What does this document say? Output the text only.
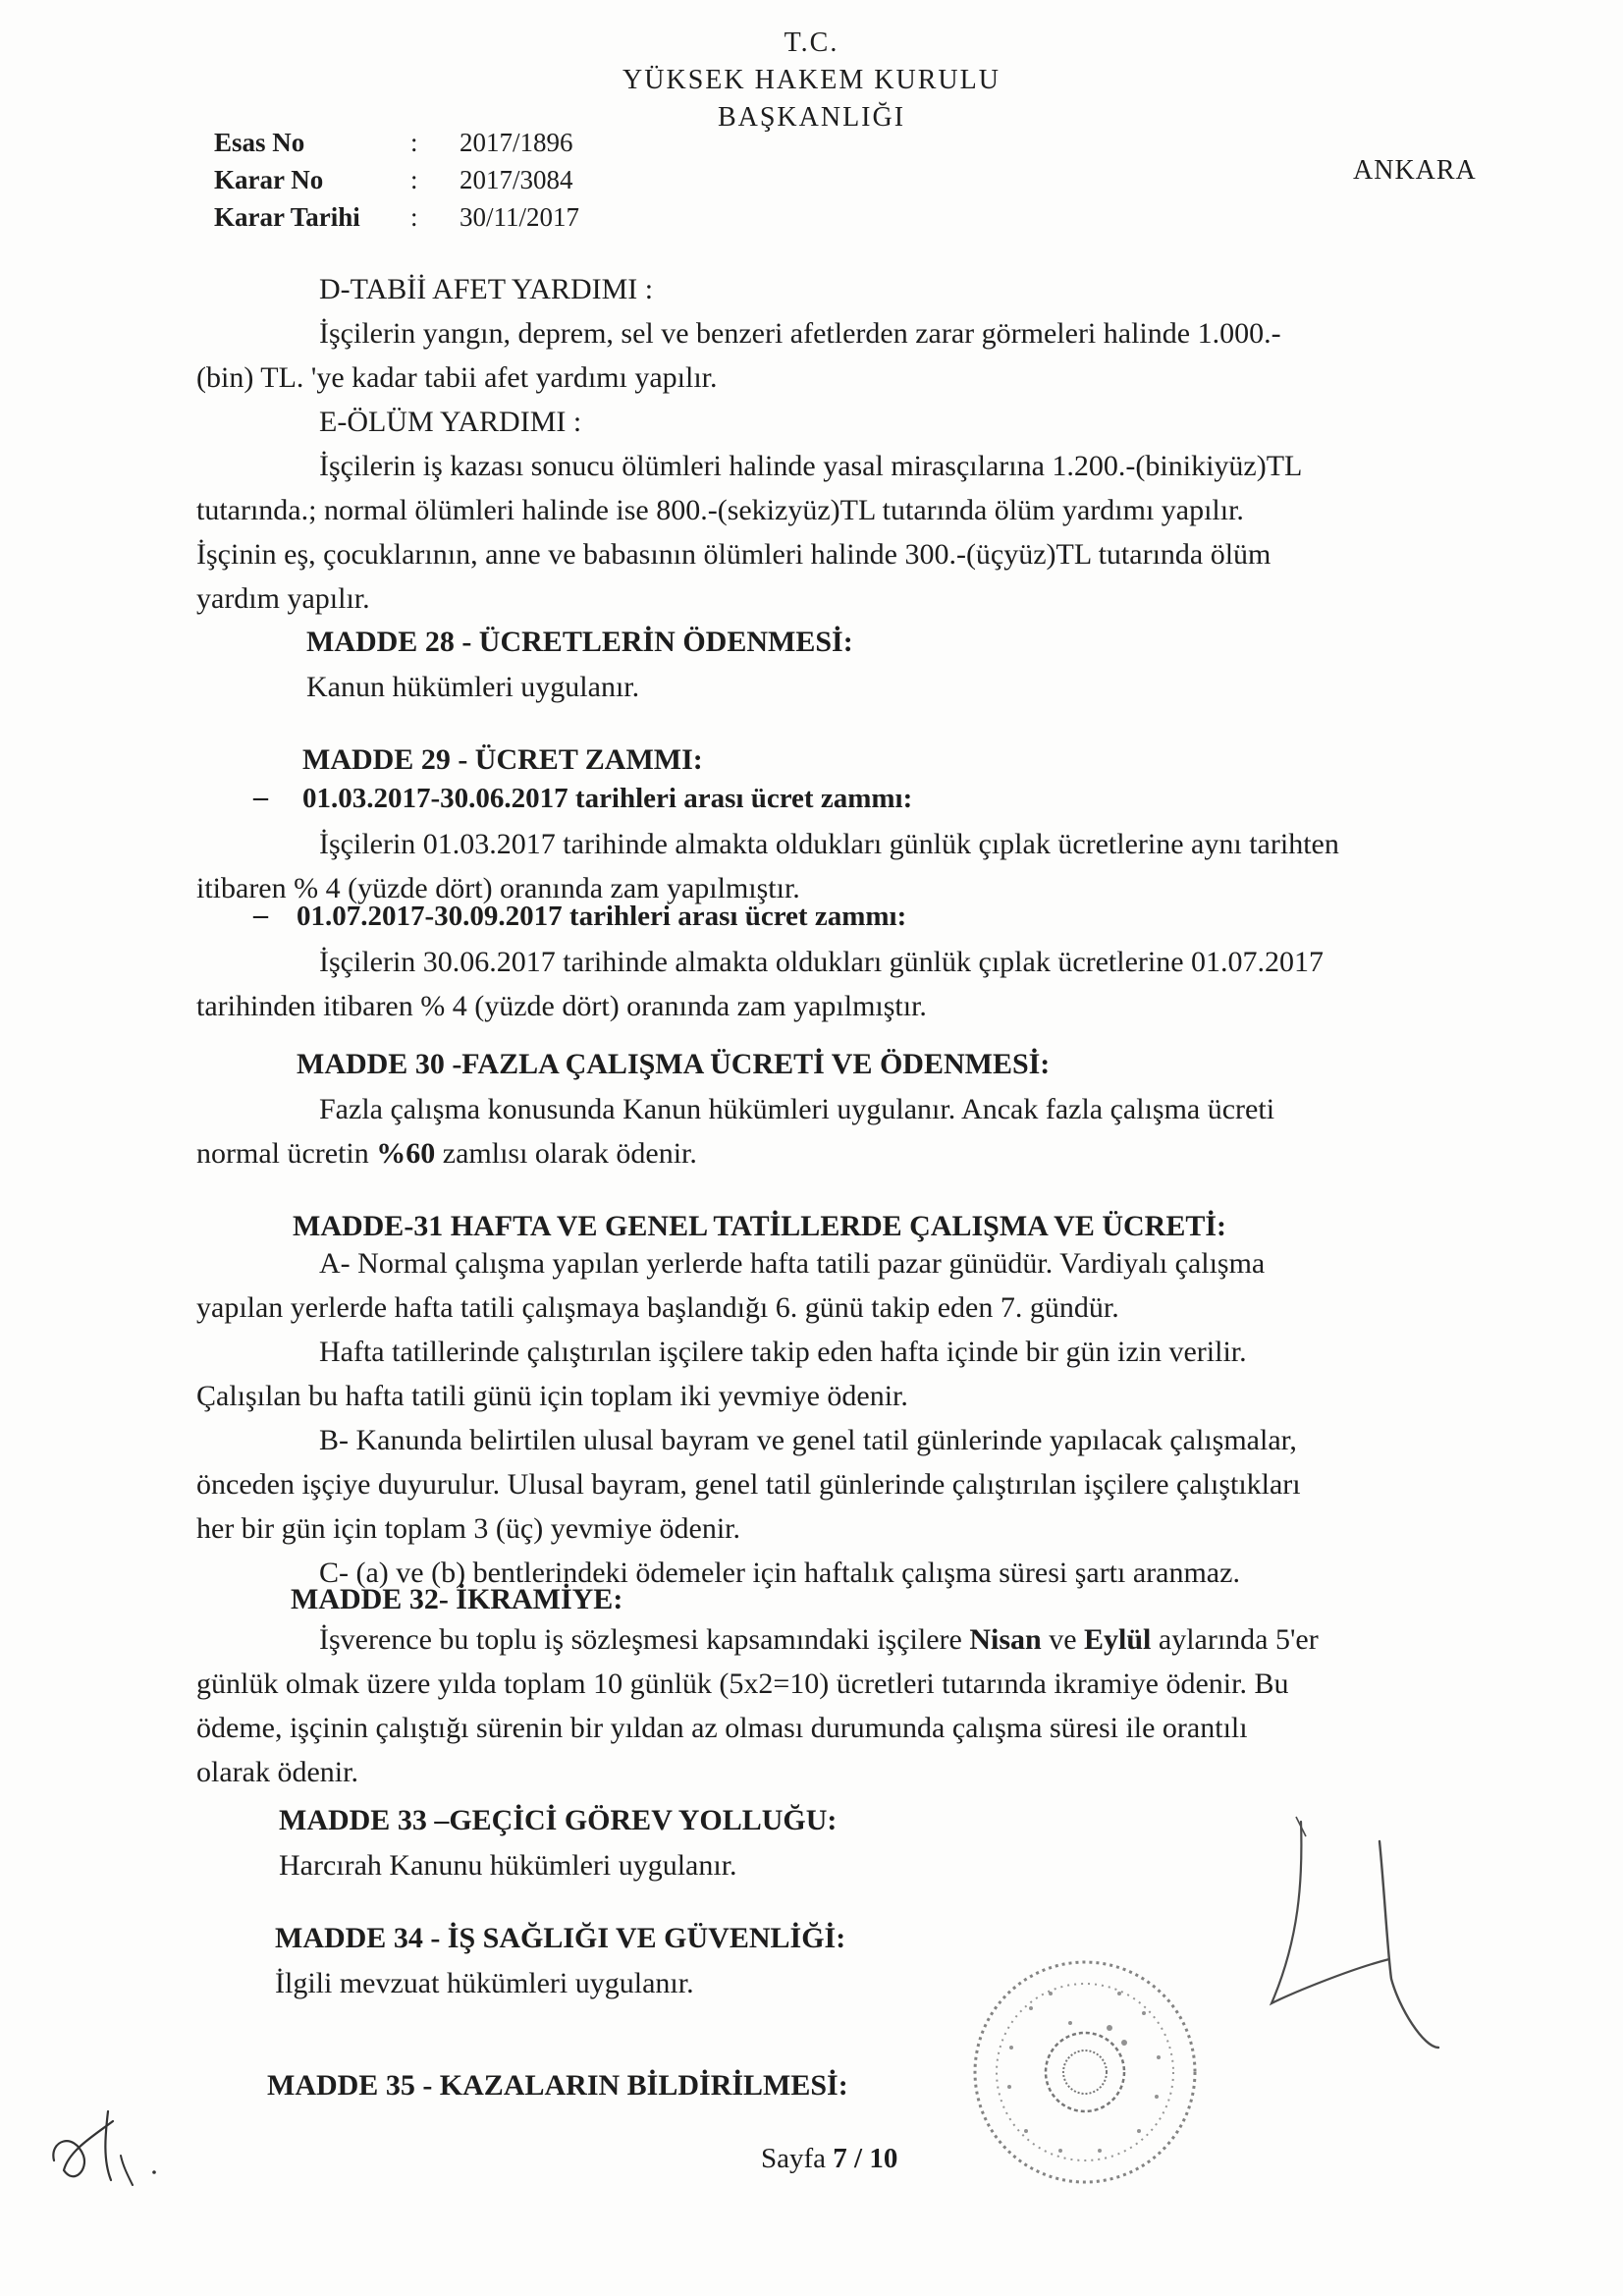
T.C.
YÜKSEK HAKEM KURULU
BAŞKANLIĞI
ANKARA
Esas No	: 2017/1896
Karar No	: 2017/3084
Karar Tarihi : 30/11/2017

D-TABİİ AFET YARDIMI :
İşçilerin yangın, deprem, sel ve benzeri afetlerden zarar görmeleri halinde 1.000.-
(bin) TL. 'ye kadar tabii afet yardımı yapılır.

E-ÖLÜM YARDIMI :
İşçilerin iş kazası sonucu ölümleri halinde yasal mirasçılarına 1.200.-(binikiyüz)TL
tutarında.; normal ölümleri halinde ise 800.-(sekizyüz)TL tutarında ölüm yardımı yapılır.
İşçinin eş, çocuklarının, anne ve babasının ölümleri halinde 300.-(üçyüz)TL tutarında ölüm
yardım yapılır.

MADDE 28 - ÜCRETLERİN ÖDENMESİ:

Kanun hükümleri uygulanır.

MADDE 29 - ÜCRET ZAMMI:

– 01.03.2017-30.06.2017 tarihleri arası ücret zammı:

İşçilerin 01.03.2017 tarihinde almakta oldukları günlük çıplak ücretlerine aynı tarihten
itibaren % 4 (yüzde dört) oranında zam yapılmıştır.

– 01.07.2017-30.09.2017 tarihleri arası ücret zammı:

İşçilerin 30.06.2017 tarihinde almakta oldukları günlük çıplak ücretlerine 01.07.2017
tarihinden itibaren % 4 (yüzde dört) oranında zam yapılmıştır.

MADDE 30 -FAZLA ÇALIŞMA ÜCRETİ VE ÖDENMESİ:

Fazla çalışma konusunda Kanun hükümleri uygulanır. Ancak fazla çalışma ücreti
normal ücretin %60 zamlısı olarak ödenir.

MADDE-31 HAFTA VE GENEL TATİLLERDE ÇALIŞMA VE ÜCRETİ:

A- Normal çalışma yapılan yerlerde hafta tatili pazar günüdür. Vardiyalı çalışma
yapılan yerlerde hafta tatili çalışmaya başlandığı 6. günü takip eden 7. gündür.
Hafta tatillerinde çalıştırılan işçilere takip eden hafta içinde bir gün izin verilir.
Çalışılan bu hafta tatili günü için toplam iki yevmiye ödenir.
B- Kanunda belirtilen ulusal bayram ve genel tatil günlerinde yapılacak çalışmalar,
önceden işçiye duyurulur. Ulusal bayram, genel tatil günlerinde çalıştırılan işçilere çalıştıkları
her bir gün için toplam 3 (üç) yevmiye ödenir.
C- (a) ve (b) bentlerindeki ödemeler için haftalık çalışma süresi şartı aranmaz.

MADDE 32- İKRAMİYE:

İşverence bu toplu iş sözleşmesi kapsamındaki işçilere Nisan ve Eylül aylarında 5'er
günlük olmak üzere yılda toplam 10 günlük (5x2=10) ücretleri tutarında ikramiye ödenir. Bu
ödeme, işçinin çalıştığı sürenin bir yıldan az olması durumunda çalışma süresi ile orantılı
olarak ödenir.

MADDE 33 –GEÇİCİ GÖREV YOLLUĞU:

Harcırah Kanunu hükümleri uygulanır.

MADDE 34 - İŞ SAĞLIĞI VE GÜVENLİĞİ:

İlgili mevzuat hükümleri uygulanır.

MADDE 35 - KAZALARIN BİLDİRİLMESİ:

Sayfa 7 / 10
